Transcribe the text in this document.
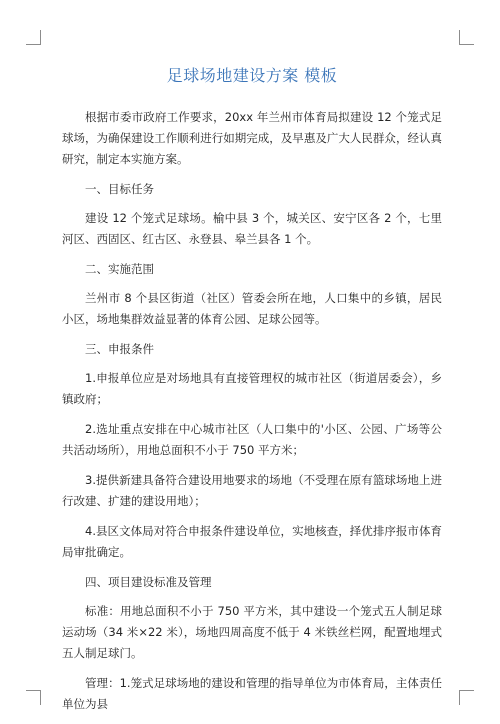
足球场地建设方案 模板

根据市委市政府工作要求，20xx 年兰州市体育局拟建设 12 个笼式足球场，为确保建设工作顺利进行如期完成，及早惠及广大人民群众，经认真研究，制定本实施方案。

一、目标任务

建设 12 个笼式足球场。榆中县 3 个，城关区、安宁区各 2 个，七里河区、西固区、红古区、永登县、皋兰县各 1 个。

二、实施范围

兰州市 8 个县区街道（社区）管委会所在地，人口集中的乡镇，居民小区，场地集群效益显著的体育公园、足球公园等。

三、申报条件

1.申报单位应是对场地具有直接管理权的城市社区（街道居委会），乡镇政府；

2.选址重点安排在中心城市社区（人口集中的'小区、公园、广场等公共活动场所），用地总面积不小于 750 平方米；

3.提供新建具备符合建设用地要求的场地（不受理在原有篮球场地上进行改建、扩建的建设用地）；

4.县区文体局对符合申报条件建设单位，实地核查，择优排序报市体育局审批确定。

四、项目建设标准及管理

标准：用地总面积不小于 750 平方米，其中建设一个笼式五人制足球运动场（34 米×22 米），场地四周高度不低于 4 米铁丝栏网，配置地埋式五人制足球门。

管理：1.笼式足球场地的建设和管理的指导单位为市体育局，主体责任单位为县
